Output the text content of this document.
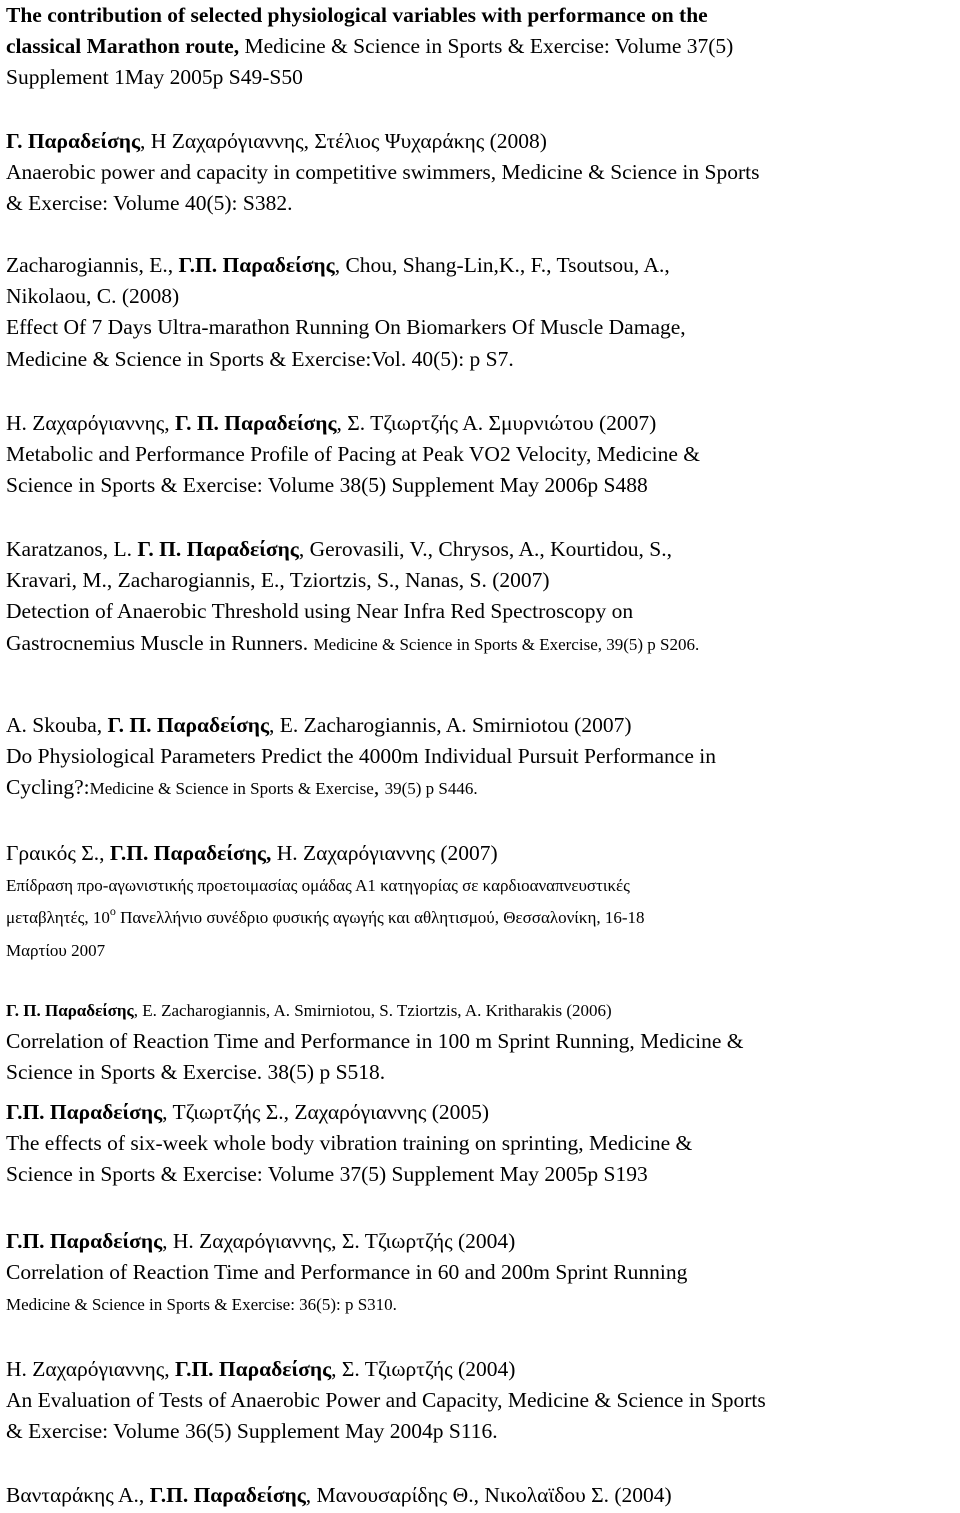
The contribution of selected physiological variables with performance on the
classical Marathon route, Medicine & Science in Sports & Exercise: Volume 37(5)
Supplement 1May 2005p S49-S50
Γ. Παραδείσης, Η Ζαχαρόγιαννης, Στέλιος Ψυχαράκης (2008)
Anaerobic power and capacity in competitive swimmers, Medicine & Science in Sports
& Exercise: Volume 40(5): S382.
Zacharogiannis, E., Γ.Π. Παραδείσης, Chou, Shang-Lin,K., F., Tsoutsou, A.,
Nikolaou, C. (2008)
Effect Of 7 Days Ultra-marathon Running On Biomarkers Of Muscle Damage,
Medicine & Science in Sports & Exercise:Vol. 40(5): p S7.
Η. Ζαχαρόγιαννης, Γ. Π. Παραδείσης, Σ. Τζιωρτζής Α. Σμυρνιώτου (2007)
Metabolic and Performance Profile of Pacing at Peak VO2 Velocity, Medicine &
Science in Sports & Exercise: Volume 38(5) Supplement May 2006p S488
Karatzanos, L. Γ. Π. Παραδείσης, Gerovasili, V., Chrysos, A., Kourtidou, S.,
Kravari, M., Zacharogiannis, E., Tziortzis, S., Nanas, S. (2007)
Detection of Anaerobic Threshold using Near Infra Red Spectroscopy on
Gastrocnemius Muscle in Runners. Medicine & Science in Sports & Exercise, 39(5) p S206.
A. Skouba, Γ. Π. Παραδείσης, E. Zacharogiannis, A. Smirniotou (2007)
Do Physiological Parameters Predict the 4000m Individual Pursuit Performance in
Cycling?:Medicine & Science in Sports & Exercise, 39(5) p S446.
Γραικός Σ., Γ.Π. Παραδείσης, Η. Ζαχαρόγιαννης (2007)
Επίδραση προ-αγωνιστικής προετοιμασίας ομάδας Α1 κατηγορίας σε καρδιοαναπνευστικές
μεταβλητές, $10^o$ Πανελλήνιο συνέδριο φυσικής αγωγής και αθλητισμού, Θεσσαλονίκη, 16-18
Μαρτίου 2007
Γ. Π. Παραδείσης, E. Zacharogiannis, A. Smirniotou, S. Tziortzis, A. Kritharakis (2006)
Correlation of Reaction Time and Performance in 100 m Sprint Running, Medicine &
Science in Sports & Exercise. 38(5) p S518.
Γ.Π. Παραδείσης, Τζιωρτζής Σ., Ζαχαρόγιαννης (2005)
The effects of six-week whole body vibration training on sprinting, Medicine &
Science in Sports & Exercise: Volume 37(5) Supplement May 2005p S193
Γ.Π. Παραδείσης, Η. Ζαχαρόγιαννης, Σ. Τζιωρτζής (2004)
Correlation of Reaction Time and Performance in 60 and 200m Sprint Running
Medicine & Science in Sports & Exercise: 36(5): p S310.
Η. Ζαχαρόγιαννης, Γ.Π. Παραδείσης, Σ. Τζιωρτζής (2004)
An Evaluation of Tests of Anaerobic Power and Capacity, Medicine & Science in Sports
& Exercise: Volume 36(5) Supplement May 2004p S116.
Βανταράκης Α., Γ.Π. Παραδείσης, Μανουσαρίδης Θ., Νικολαϊδου Σ. (2004)
